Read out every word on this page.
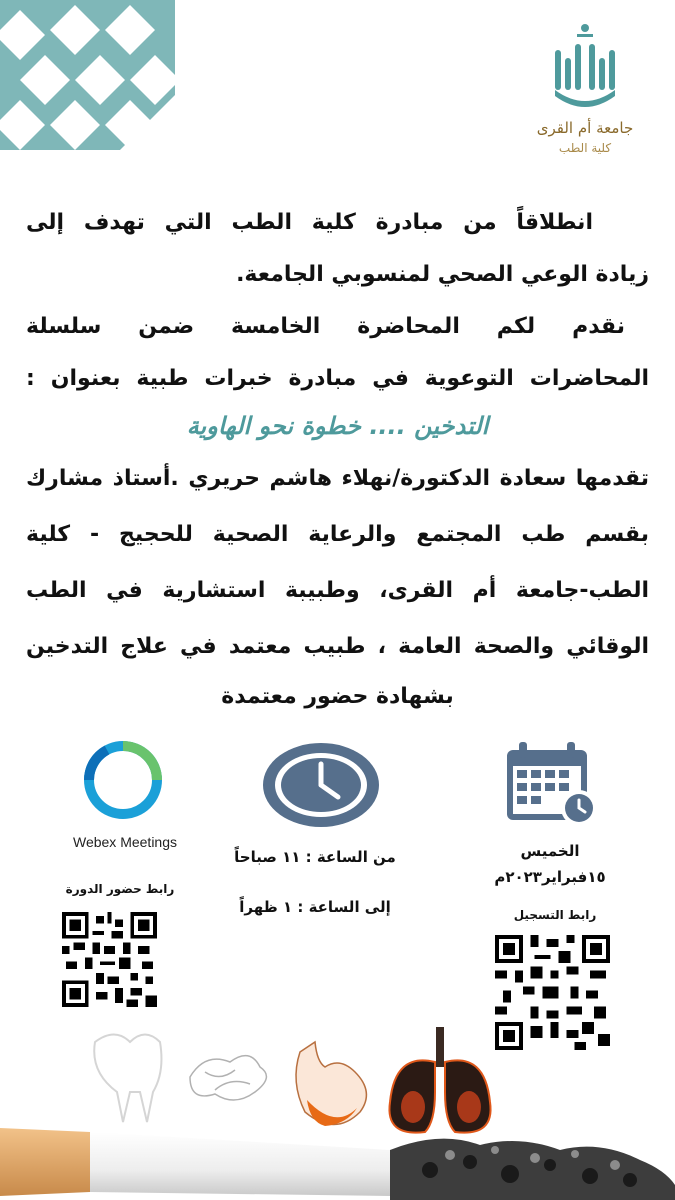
جامعة أم القرى
كلية الطب
انطلاقاً من مبادرة كلية الطب التي تهدف إلى
زيادة الوعي الصحي لمنسوبي الجامعة.
نقدم لكم المحاضرة الخامسة ضمن سلسلة
المحاضرات التوعوية في مبادرة خبرات طبية بعنوان :
التدخين .... خطوة نحو الهاوية
تقدمها سعادة الدكتورة/نهلاء هاشم حريري .أستاذ مشارك
بقسم طب المجتمع والرعاية الصحية للحجيج - كلية
الطب-جامعة أم القرى، وطبيبة استشارية في الطب
الوقائي والصحة العامة ، طبيب معتمد في علاج التدخين
بشهادة حضور معتمدة
Webex Meetings
من الساعة : ١١ صباحاً
إلى الساعة : ١ ظهراً
الخميس
١٥فبراير٢٠٢٣م
رابط التسجيل
رابط حضور الدورة
